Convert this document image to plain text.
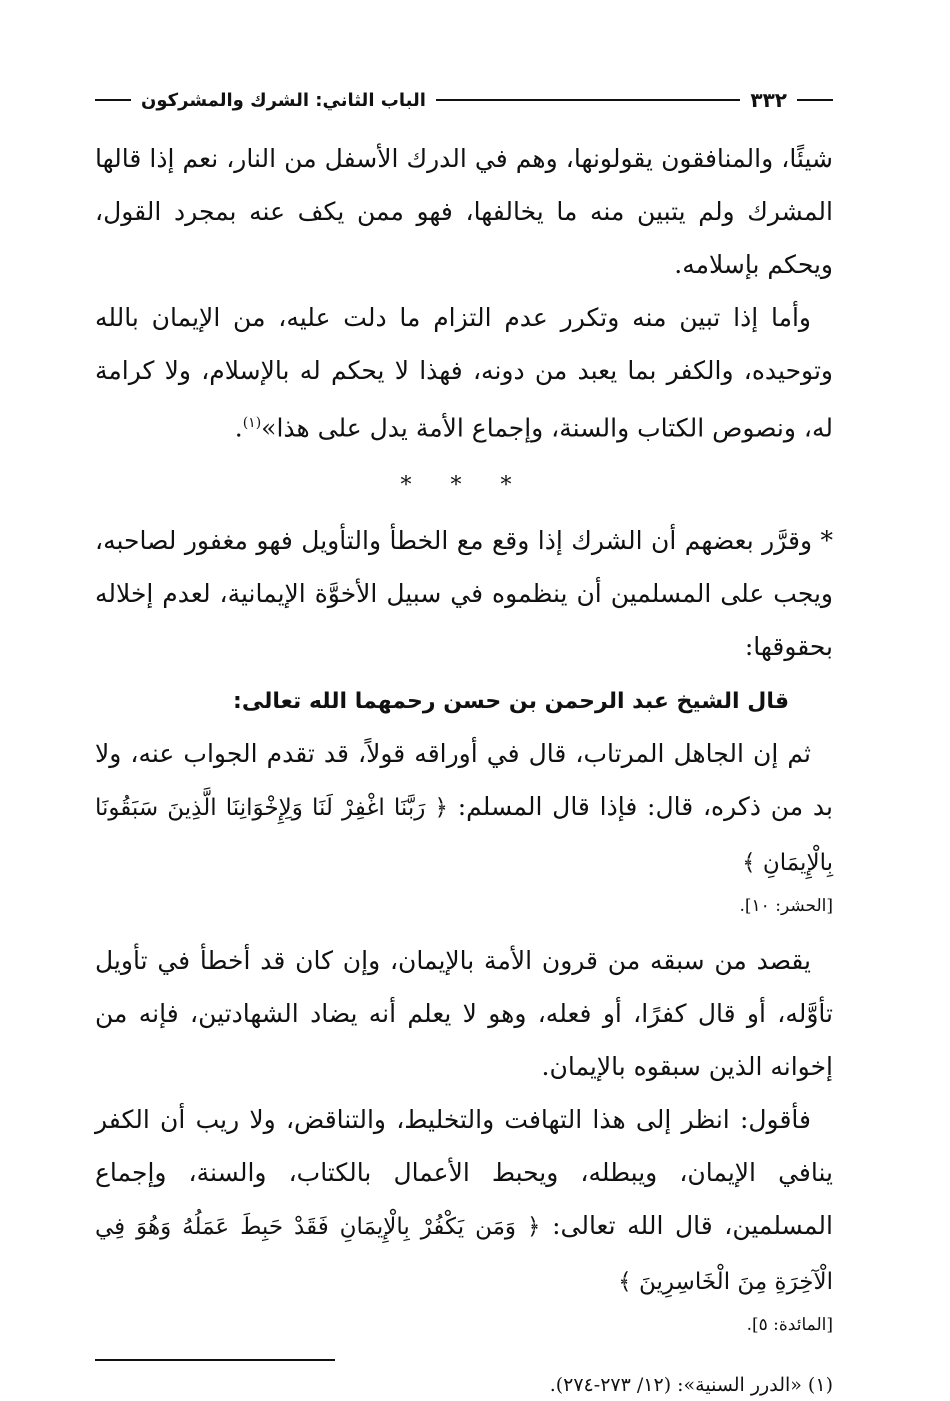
٣٣٢
الباب الثاني: الشرك والمشركون

شيئًا، والمنافقون يقولونها، وهم في الدرك الأسفل من النار، نعم إذا قالها المشرك ولم يتبين منه ما يخالفها، فهو ممن يكف عنه بمجرد القول، ويحكم بإسلامه.

وأما إذا تبين منه وتكرر عدم التزام ما دلت عليه، من الإيمان بالله وتوحيده، والكفر بما يعبد من دونه، فهذا لا يحكم له بالإسلام، ولا كرامة له، ونصوص الكتاب والسنة، وإجماع الأمة يدل على هذا»$^{(١)}$.

* * *

* وقرَّر بعضهم أن الشرك إذا وقع مع الخطأ والتأويل فهو مغفور لصاحبه، ويجب على المسلمين أن ينظموه في سبيل الأخوَّة الإيمانية، لعدم إخلاله بحقوقها:

قال الشيخ عبد الرحمن بن حسن رحمهما الله تعالى:

ثم إن الجاهل المرتاب، قال في أوراقه قولاً، قد تقدم الجواب عنه، ولا بد من ذكره، قال: فإذا قال المسلم: ﴿ رَبَّنَا اغْفِرْ لَنَا وَلِإِخْوَانِنَا الَّذِينَ سَبَقُونَا بِالْإِيمَانِ ﴾

[الحشر: ١٠].

يقصد من سبقه من قرون الأمة بالإيمان، وإن كان قد أخطأ في تأويل تأوَّله، أو قال كفرًا، أو فعله، وهو لا يعلم أنه يضاد الشهادتين، فإنه من إخوانه الذين سبقوه بالإيمان.

فأقول: انظر إلى هذا التهافت والتخليط، والتناقض، ولا ريب أن الكفر ينافي الإيمان، ويبطله، ويحبط الأعمال بالكتاب، والسنة، وإجماع المسلمين، قال الله تعالى: ﴿ وَمَن يَكْفُرْ بِالْإِيمَانِ فَقَدْ حَبِطَ عَمَلُهُ وَهُوَ فِي الْآخِرَةِ مِنَ الْخَاسِرِينَ ﴾

[المائدة: ٥].

(١) «الدرر السنية»: (١٢/ ٢٧٣-٢٧٤).
